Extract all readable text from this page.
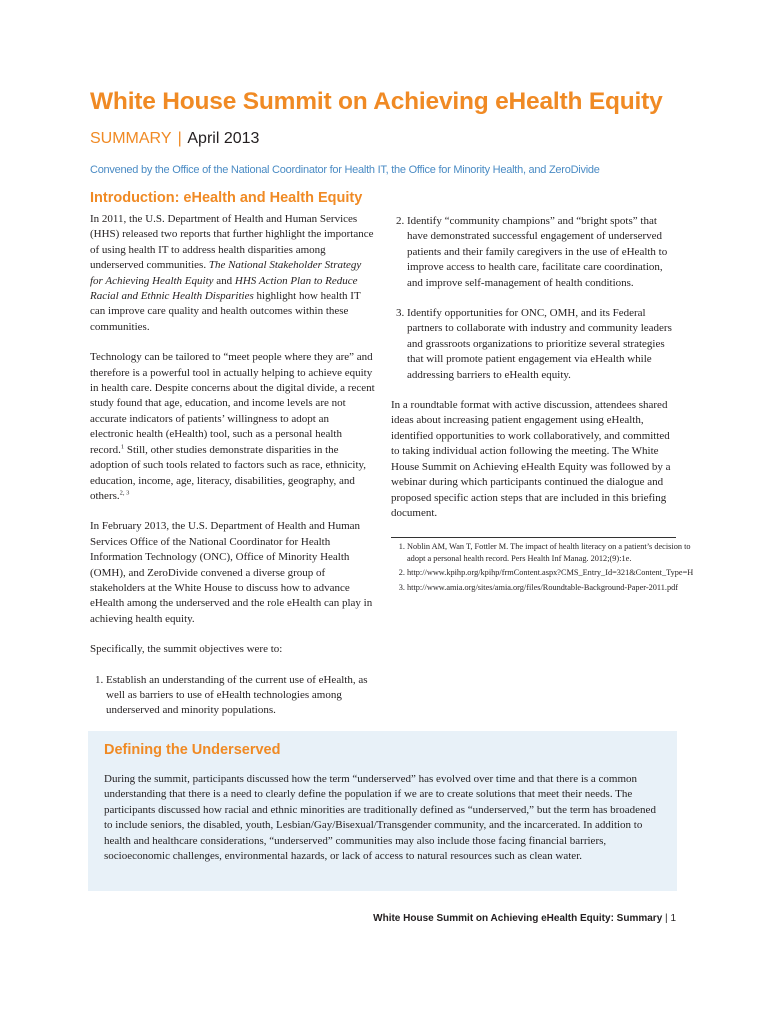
White House Summit on Achieving eHealth Equity
SUMMARY | April 2013
Convened by the Office of the National Coordinator for Health IT, the Office for Minority Health, and ZeroDivide
Introduction: eHealth and Health Equity

In 2011, the U.S. Department of Health and Human Services (HHS) released two reports that further highlight the importance of using health IT to address health disparities among underserved communities. The National Stakeholder Strategy for Achieving Health Equity and HHS Action Plan to Reduce Racial and Ethnic Health Disparities highlight how health IT can improve care quality and health outcomes within these communities.

Technology can be tailored to “meet people where they are” and therefore is a powerful tool in actually helping to achieve equity in health care. Despite concerns about the digital divide, a recent study found that age, education, and income levels are not accurate indicators of patients’ willingness to adopt an electronic health (eHealth) tool, such as a personal health record.$^1$ Still, other studies demonstrate disparities in the adoption of such tools related to factors such as race, ethnicity, education, income, age, literacy, disabilities, geography, and others.$^{2, 3}$

In February 2013, the U.S. Department of Health and Human Services Office of the National Coordinator for Health Information Technology (ONC), Office of Minority Health (OMH), and ZeroDivide convened a diverse group of stakeholders at the White House to discuss how to advance eHealth among the underserved and the role eHealth can play in achieving health equity.

Specifically, the summit objectives were to:

1. Establish an understanding of the current use of eHealth, as well as barriers to use of eHealth technologies among underserved and minority populations.
2. Identify “community champions” and “bright spots” that have demonstrated successful engagement of underserved patients and their family caregivers in the use of eHealth to improve access to health care, facilitate care coordination, and improve self-management of health conditions.
3. Identify opportunities for ONC, OMH, and its Federal partners to collaborate with industry and community leaders and grassroots organizations to prioritize several strategies that will promote patient engagement via eHealth while addressing barriers to eHealth equity.

In a roundtable format with active discussion, attendees shared ideas about increasing patient engagement using eHealth, identified opportunities to work collaboratively, and committed to taking individual action following the meeting. The White House Summit on Achieving eHealth Equity was followed by a webinar during which participants continued the dialogue and proposed specific action steps that are included in this briefing document.

1. Noblin AM, Wan T, Fottler M. The impact of health literacy on a patient’s decision to adopt a personal health record. Pers Health Inf Manag. 2012;(9):1e.
2. http://www.kpihp.org/kpihp/frmContent.aspx?CMS_Entry_Id=321&Content_Type=H
3. http://www.amia.org/sites/amia.org/files/Roundtable-Background-Paper-2011.pdf
Defining the Underserved

During the summit, participants discussed how the term “underserved” has evolved over time and that there is a common understanding that there is a need to clearly define the population if we are to create solutions that meet their needs. The participants discussed how racial and ethnic minorities are traditionally defined as “underserved,” but the term has broadened to include seniors, the disabled, youth, Lesbian/Gay/Bisexual/Transgender community, and the incarcerated. In addition to health and healthcare considerations, “underserved” communities may also include those facing financial barriers, socioeconomic challenges, environmental hazards, or lack of access to natural resources such as clean water.

White House Summit on Achieving eHealth Equity: Summary | 1
